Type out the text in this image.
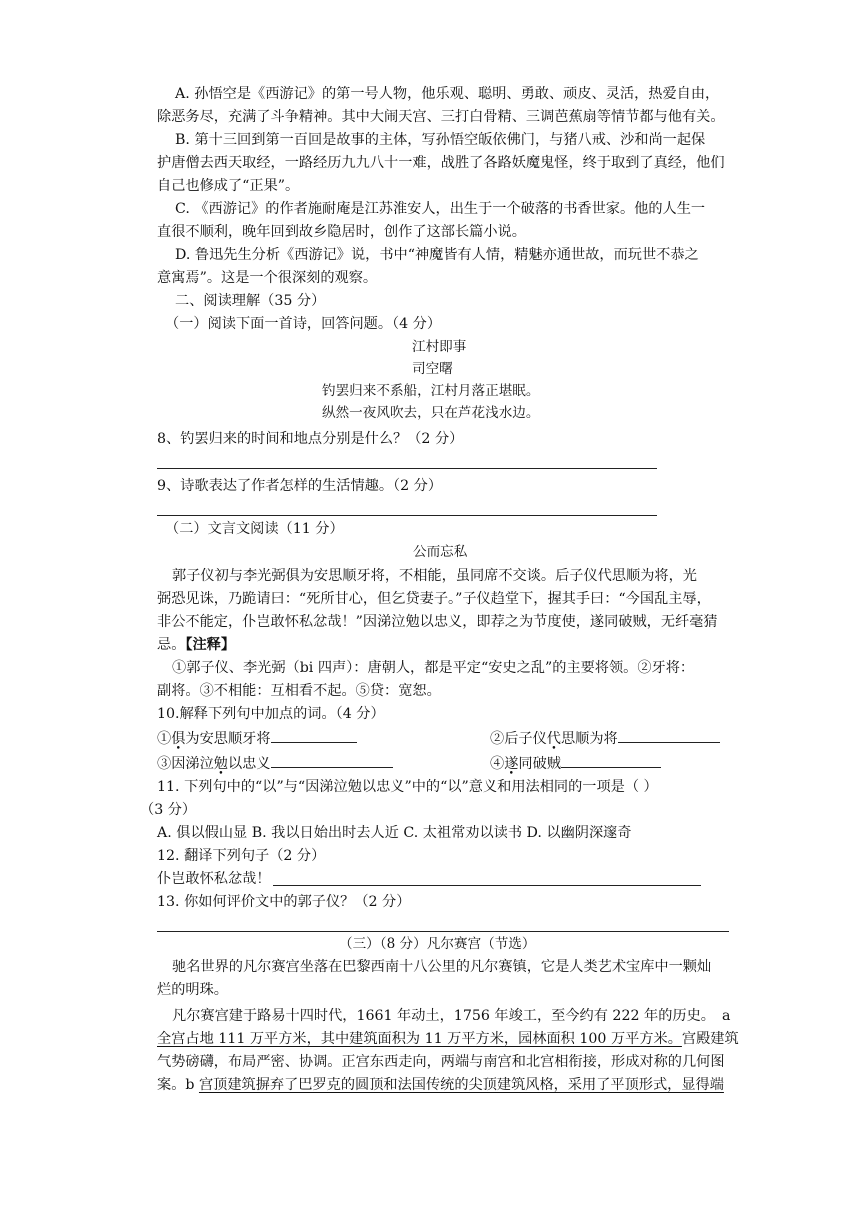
A. 孙悟空是《西游记》的第一号人物，他乐观、聪明、勇敢、顽皮、灵活，热爱自由，
除恶务尽，充满了斗争精神。其中大闹天宫、三打白骨精、三调芭蕉扇等情节都与他有关。
B. 第十三回到第一百回是故事的主体，写孙悟空皈依佛门，与猪八戒、沙和尚一起保
护唐僧去西天取经，一路经历九九八十一难，战胜了各路妖魔鬼怪，终于取到了真经，他们
自己也修成了“正果”。
C. 《西游记》的作者施耐庵是江苏淮安人，出生于一个破落的书香世家。他的人生一
直很不顺利，晚年回到故乡隐居时，创作了这部长篇小说。
D. 鲁迅先生分析《西游记》说，书中“神魔皆有人情，精魅亦通世故，而玩世不恭之
意寓焉”。这是一个很深刻的观察。
二、阅读理解（35 分）
（一）阅读下面一首诗，回答问题。（4 分）
江村即事
司空曙
钓罢归来不系船，江村月落正堪眠。
纵然一夜风吹去，只在芦花浅水边。
8、钓罢归来的时间和地点分别是什么？（2 分）
9、诗歌表达了作者怎样的生活情趣。（2 分）
（二）文言文阅读（11 分）
公而忘私
郭子仪初与李光弼俱为安思顺牙将，不相能，虽同席不交谈。后子仪代思顺为将，光
弼恐见诛，乃跪请曰：“死所甘心，但乞贷妻子。”子仪趋堂下，握其手曰：“今国乱主辱，
非公不能定，仆岂敢怀私忿哉！”因涕泣勉以忠义，即荐之为节度使，遂同破贼，无纤毫猜
忌。【注释】
①郭子仪、李光弼（bi 四声）：唐朝人，都是平定“安史之乱”的主要将领。②牙将：
副将。③不相能：互相看不起。⑤贷：宽恕。
10.解释下列句中加点的词。（4 分）
①俱为安思顺牙将	②后子仪代思顺为将
③因涕泣勉以忠义	④遂同破贼
11. 下列句中的“以”与“因涕泣勉以忠义”中的“以”意义和用法相同的一项是（ ）
（3 分）
A. 俱以假山显 B. 我以日始出时去人近 C. 太祖常劝以读书 D. 以幽阴深邃奇
12. 翻译下列句子（2 分）
仆岂敢怀私忿哉！
13. 你如何评价文中的郭子仪？（2 分）
（三）（8 分）凡尔赛宫（节选）
驰名世界的凡尔赛宫坐落在巴黎西南十八公里的凡尔赛镇，它是人类艺术宝库中一颗灿
烂的明珠。
凡尔赛宫建于路易十四时代，1661 年动土，1756 年竣工，至今约有 222 年的历史。 a
全宫占地 111 万平方米，其中建筑面积为 11 万平方米，园林面积 100 万平方米。宫殿建筑
气势磅礴，布局严密、协调。正宫东西走向，两端与南宫和北宫相衔接，形成对称的几何图
案。b 宫顶建筑摒弃了巴罗克的圆顶和法国传统的尖顶建筑风格，采用了平顶形式，显得端
